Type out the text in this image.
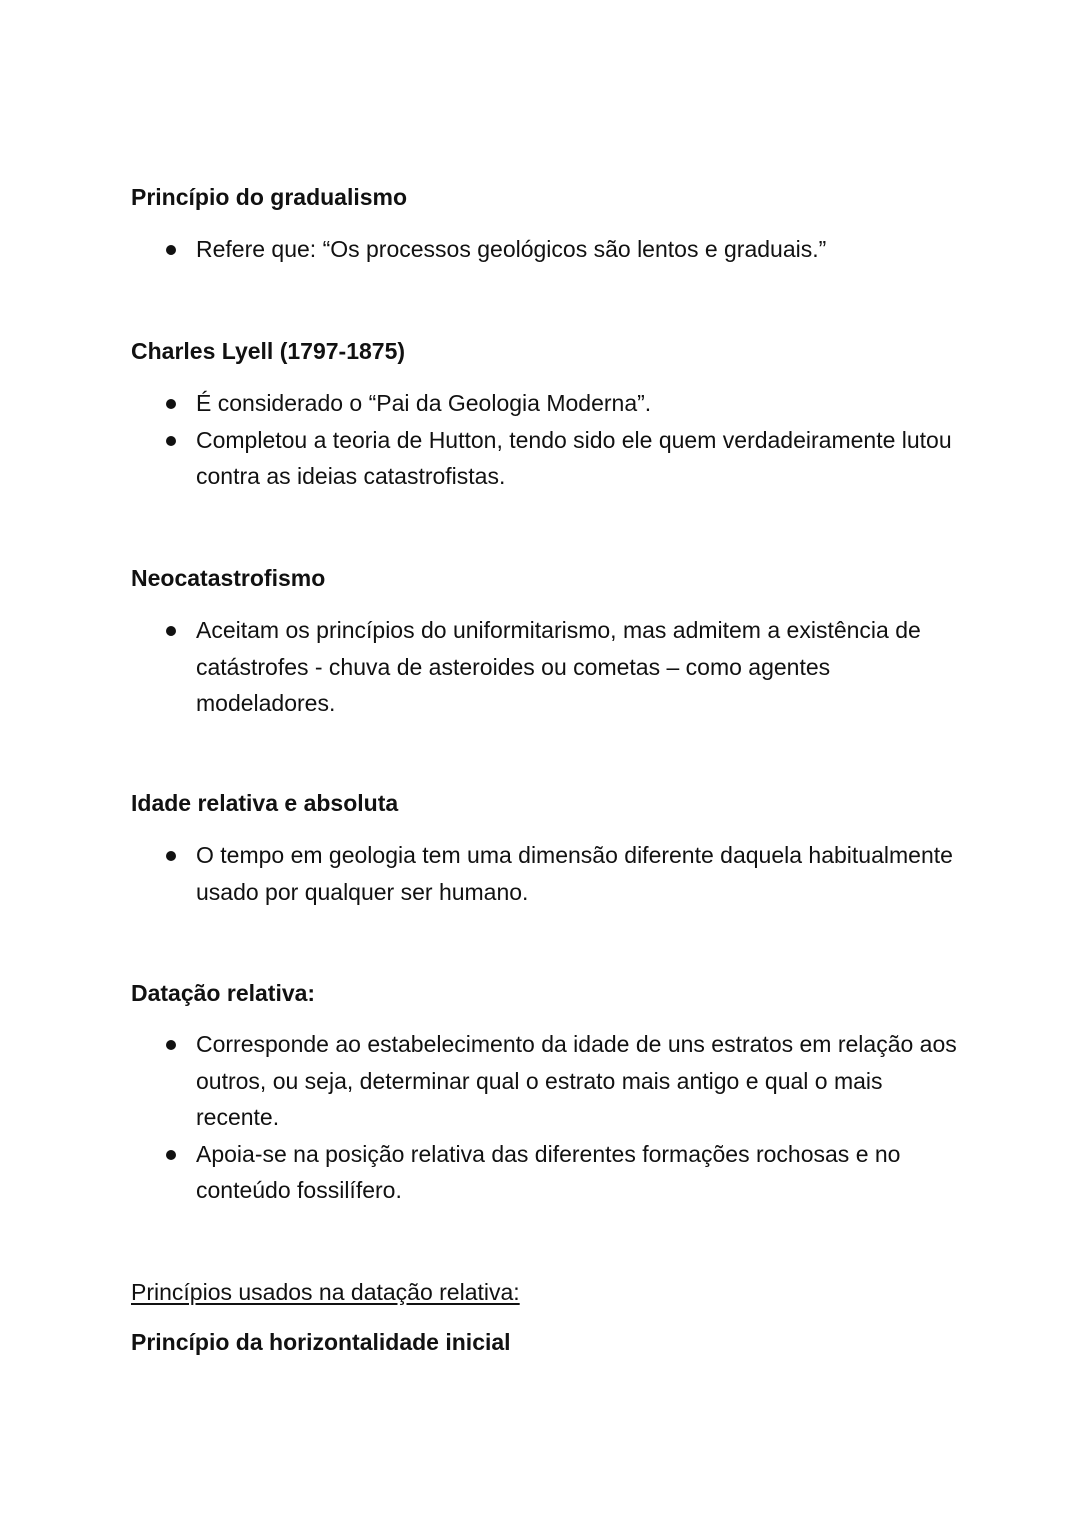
Princípio do gradualismo
Refere que: “Os processos geológicos são lentos e graduais.”
Charles Lyell (1797-1875)
É considerado o “Pai da Geologia Moderna”.
Completou a teoria de Hutton, tendo sido ele quem verdadeiramente lutou contra as ideias catastrofistas.
Neocatastrofismo
Aceitam os princípios do uniformitarismo, mas admitem a existência de catástrofes - chuva de asteroides ou cometas – como agentes modeladores.
Idade relativa e absoluta
O tempo em geologia tem uma dimensão diferente daquela habitualmente usado por qualquer ser humano.
Datação relativa:
Corresponde ao estabelecimento da idade de uns estratos em relação aos outros, ou seja, determinar qual o estrato mais antigo e qual o mais recente.
Apoia-se na posição relativa das diferentes formações rochosas e no conteúdo fossilífero.

Princípios usados na datação relativa:

Princípio da horizontalidade inicial
